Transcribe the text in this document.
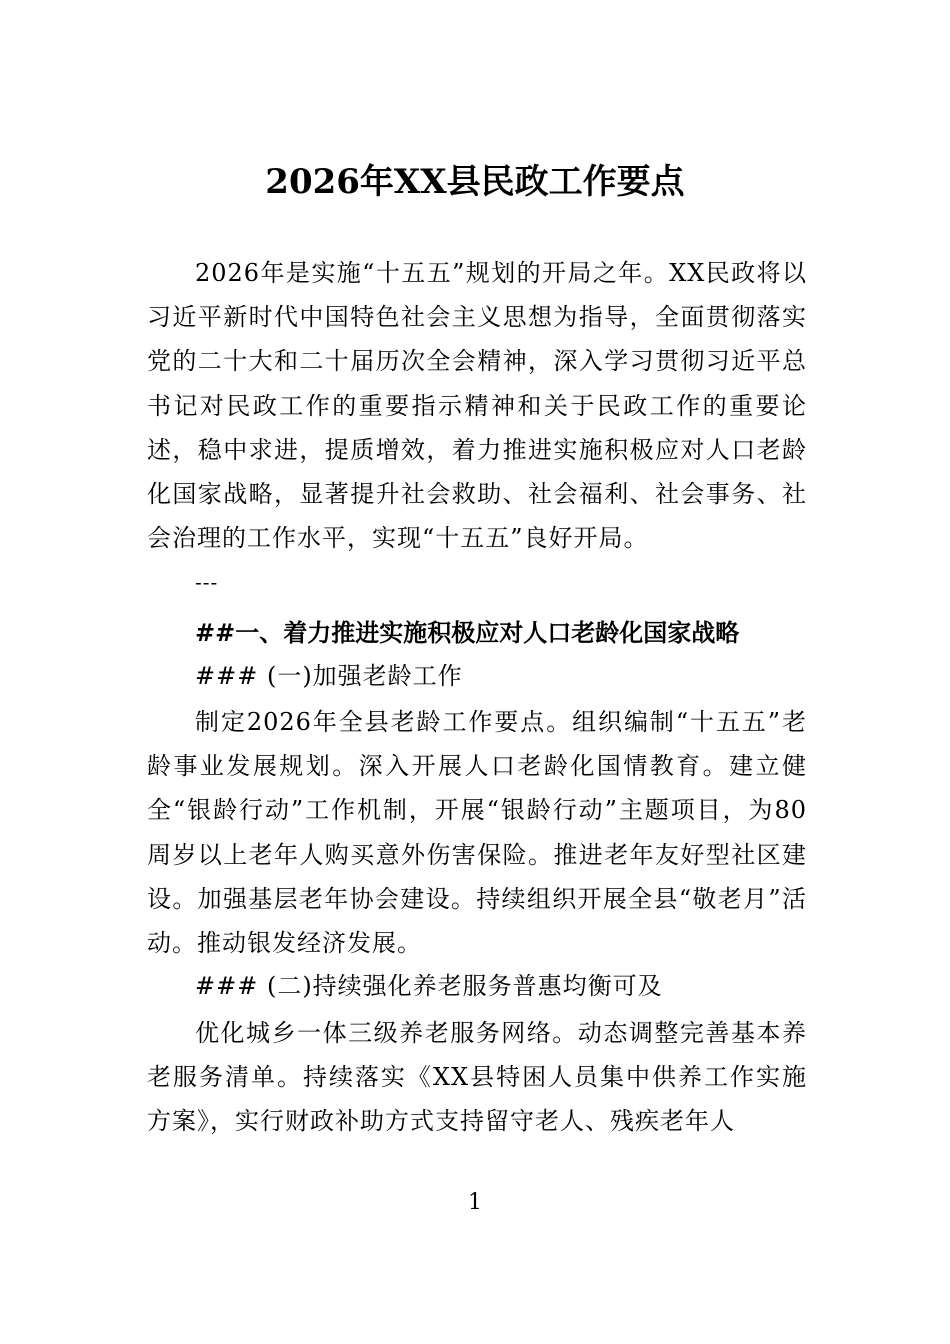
2026年XX县民政工作要点

2026年是实施“十五五”规划的开局之年。XX民政将以习近平新时代中国特色社会主义思想为指导，全面贯彻落实党的二十大和二十届历次全会精神，深入学习贯彻习近平总书记对民政工作的重要指示精神和关于民政工作的重要论述，稳中求进，提质增效，着力推进实施积极应对人口老龄化国家战略，显著提升社会救助、社会福利、社会事务、社会治理的工作水平，实现“十五五”良好开局。

---
##一、着力推进实施积极应对人口老龄化国家战略
### (一)加强老龄工作

制定2026年全县老龄工作要点。组织编制“十五五”老龄事业发展规划。深入开展人口老龄化国情教育。建立健全“银龄行动”工作机制，开展“银龄行动”主题项目，为80周岁以上老年人购买意外伤害保险。推进老年友好型社区建设。加强基层老年协会建设。持续组织开展全县“敬老月”活动。推动银发经济发展。

### (二)持续强化养老服务普惠均衡可及

优化城乡一体三级养老服务网络。动态调整完善基本养老服务清单。持续落实《XX县特困人员集中供养工作实施方案》，实行财政补助方式支持留守老人、残疾老年人

1
